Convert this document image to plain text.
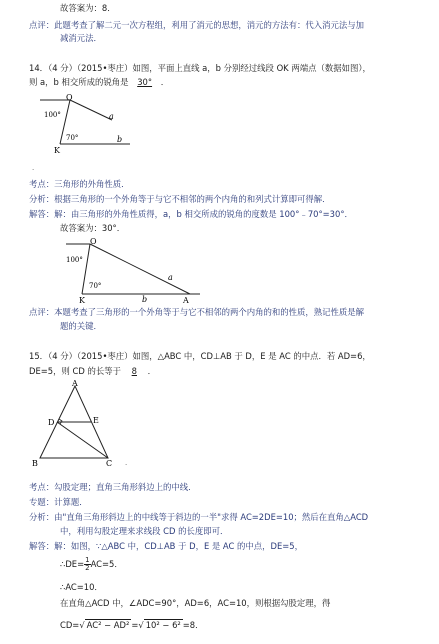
故答案为：8．
点评：此题考查了解二元一次方程组，利用了消元的思想，消元的方法有：代入消元法与加
减消元法．
14．（4 分）（2015•枣庄）如图，平面上直线 a，b 分别经过线段 OK 两端点（数据如图），
则 a，b 相交所成的锐角是 30° ．
O
100°
70°
K
a
b
.
考点：三角形的外角性质．
分析：根据三角形的一个外角等于与它不相邻的两个内角的和列式计算即可得解．
解答：解：由三角形的外角性质得，a，b 相交所成的锐角的度数是 100°﹣70°=30°．
故答案为：30°．
O
100°
70°
K
a
b	A
点评：本题考查了三角形的一个外角等于与它不相邻的两个内角的和的性质，熟记性质是解
题的关键．
15．（4 分）（2015•枣庄）如图，△ABC 中，CD⊥AB 于 D，E 是 AC 的中点．若 AD=6，
DE=5，则 CD 的长等于 8 ．
A
B	C
D	E
.
考点：勾股定理；直角三角形斜边上的中线．
专题：计算题．
分析：由"直角三角形斜边上的中线等于斜边的一半"求得 AC=2DE=10；然后在直角△ACD
中，利用勾股定理来求线段 CD 的长度即可．
解答：解：如图，∵△ABC 中，CD⊥AB 于 D，E 是 AC 的中点，DE=5，
∴DE= $\frac{1}{2} AC=5$．
∴AC=10．
在直角△ACD 中，∠ADC=90°，AD=6，AC=10，则根据勾股定理，得
CD=√ AC² − AD² =√ 10² − 6² =8．
